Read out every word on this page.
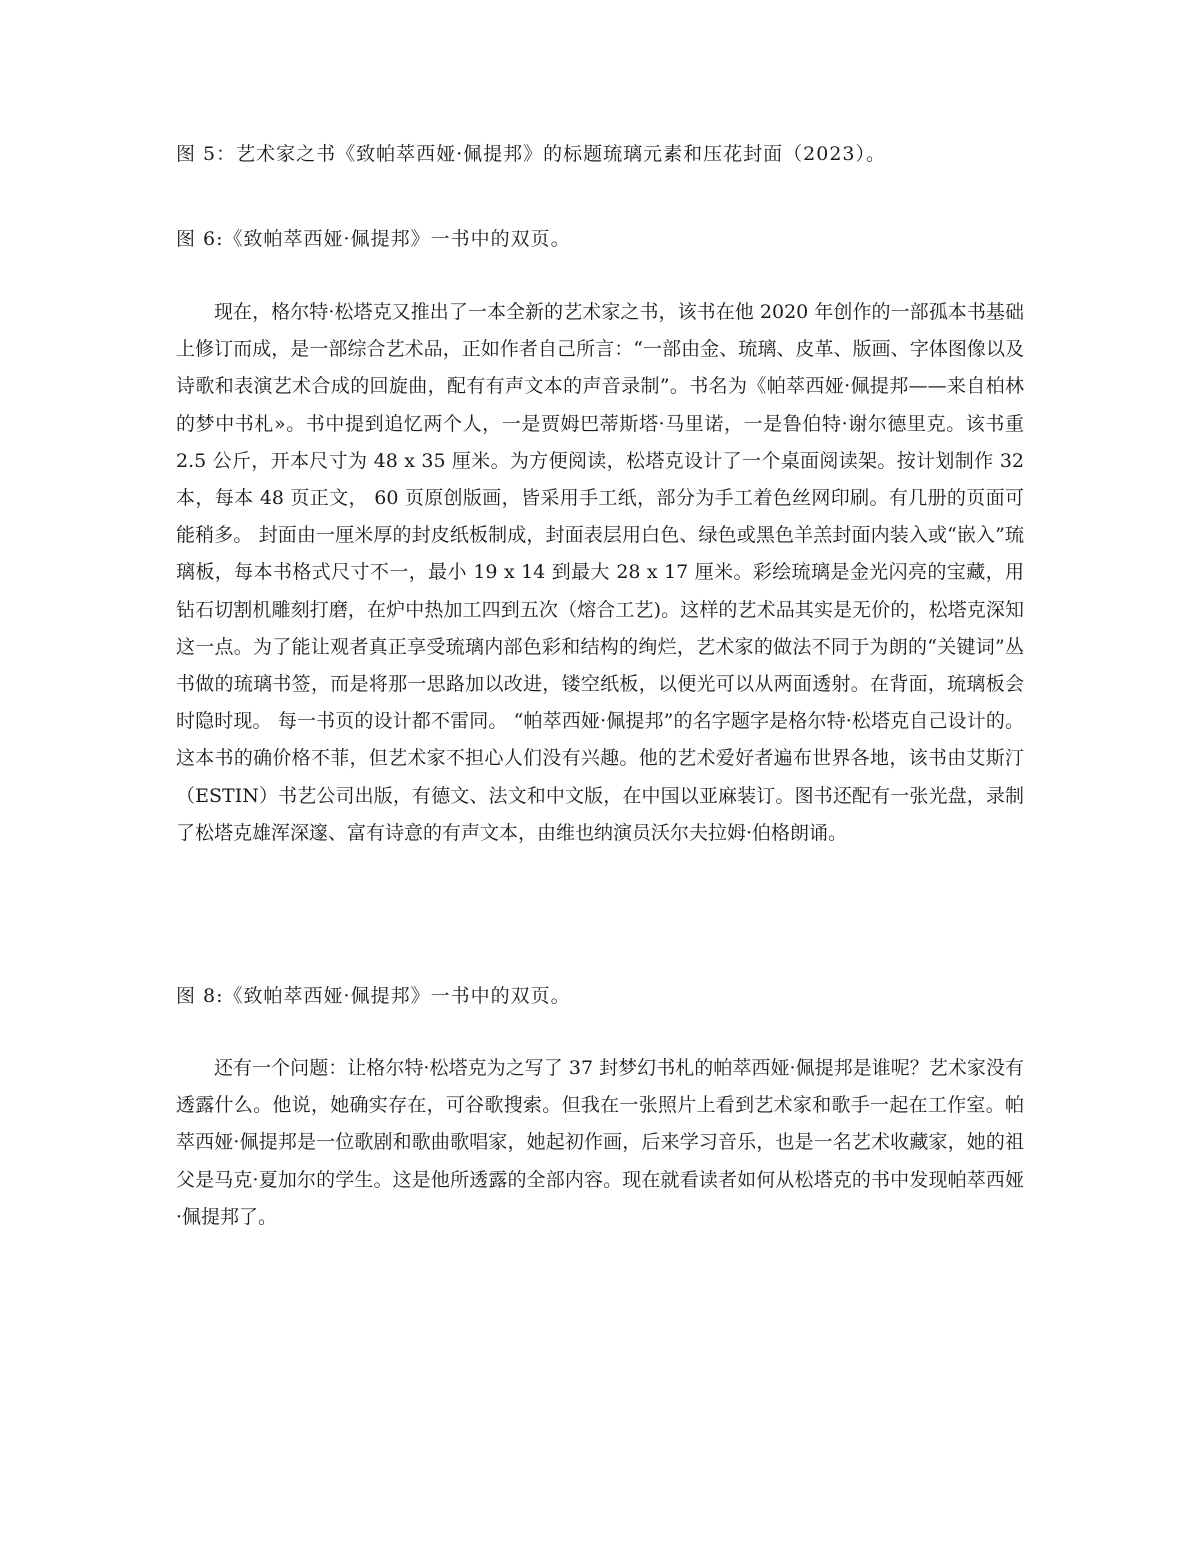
图 5：艺术家之书《致帕萃西娅·佩提邦》的标题琉璃元素和压花封面（2023）。

图 6:《致帕萃西娅·佩提邦》一书中的双页。

现在，格尔特·松塔克又推出了一本全新的艺术家之书，该书在他 2020 年创作的一部孤本书基础上修订而成，是一部综合艺术品，正如作者自己所言：“一部由金、琉璃、皮革、版画、字体图像以及诗歌和表演艺术合成的回旋曲，配有有声文本的声音录制”。书名为《帕萃西娅·佩提邦——来自柏林的梦中书札»。书中提到追忆两个人，一是贾姆巴蒂斯塔·马里诺，一是鲁伯特·谢尔德里克。该书重 2.5 公斤，开本尺寸为 48 x 35 厘米。为方便阅读，松塔克设计了一个桌面阅读架。按计划制作 32 本，每本 48 页正文， 60 页原创版画，皆采用手工纸，部分为手工着色丝网印刷。有几册的页面可能稍多。 封面由一厘米厚的封皮纸板制成，封面表层用白色、绿色或黑色羊羔封面内装入或“嵌入”琉璃板，每本书格式尺寸不一，最小 19 x 14 到最大 28 x 17 厘米。彩绘琉璃是金光闪亮的宝藏，用钻石切割机雕刻打磨，在炉中热加工四到五次（熔合工艺)。这样的艺术品其实是无价的，松塔克深知这一点。为了能让观者真正享受琉璃内部色彩和结构的绚烂，艺术家的做法不同于为朗的“关键词”丛书做的琉璃书签，而是将那一思路加以改进，镂空纸板，以便光可以从两面透射。在背面，琉璃板会时隐时现。 每一书页的设计都不雷同。 “帕萃西娅·佩提邦”的名字题字是格尔特·松塔克自己设计的。这本书的确价格不菲，但艺术家不担心人们没有兴趣。他的艺术爱好者遍布世界各地，该书由艾斯汀（ESTIN）书艺公司出版，有德文、法文和中文版，在中国以亚麻装订。图书还配有一张光盘，录制了松塔克雄浑深邃、富有诗意的有声文本，由维也纳演员沃尔夫拉姆·伯格朗诵。

图 8:《致帕萃西娅·佩提邦》一书中的双页。

还有一个问题：让格尔特·松塔克为之写了 37 封梦幻书札的帕萃西娅·佩提邦是谁呢？艺术家没有透露什么。他说，她确实存在，可谷歌搜索。但我在一张照片上看到艺术家和歌手一起在工作室。帕萃西娅·佩提邦是一位歌剧和歌曲歌唱家，她起初作画，后来学习音乐，也是一名艺术收藏家，她的祖父是马克·夏加尔的学生。这是他所透露的全部内容。现在就看读者如何从松塔克的书中发现帕萃西娅·佩提邦了。
